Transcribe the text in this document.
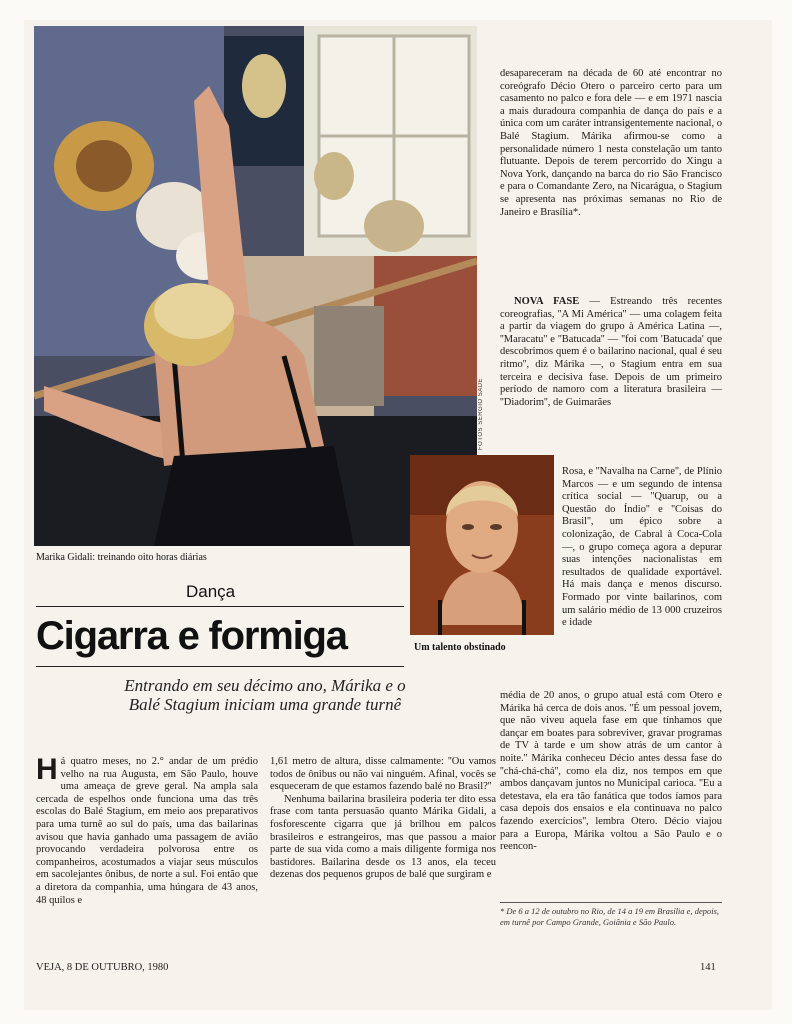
FOTOS SERGIO SADE
Marika Gidali: treinando oito horas diárias
Um talento obstinado
Dança
Cigarra e formiga
Entrando em seu décimo ano, Márika e o Balé Stagium iniciam uma grande turnê

Há quatro meses, no 2.° andar de um prédio velho na rua Augusta, em São Paulo, houve uma ameaça de greve geral. Na ampla sala cercada de espelhos onde funciona uma das três escolas do Balé Stagium, em meio aos preparativos para uma turnê ao sul do país, uma das bailarinas avisou que havia ganhado uma passagem de avião provocando verdadeira polvorosa entre os companheiros, acostumados a viajar seus músculos em sacolejantes ônibus, de norte a sul. Foi então que a diretora da companhia, uma húngara de 43 anos, 48 quilos e

1,61 metro de altura, disse calmamente: ''Ou vamos todos de ônibus ou não vai ninguém. Afinal, vocês se esqueceram de que estamos fazendo balé no Brasil?''

Nenhuma bailarina brasileira poderia ter dito essa frase com tanta persuasão quanto Márika Gidali, a fosforescente cigarra que já brilhou em palcos brasileiros e estrangeiros, mas que passou a maior parte de sua vida como a mais diligente formiga nos bastidores. Bailarina desde os 13 anos, ela teceu dezenas dos pequenos grupos de balé que surgiram e

desapareceram na década de 60 até encontrar no coreógrafo Décio Otero o parceiro certo para um casamento no palco e fora dele — e em 1971 nascia a mais duradoura companhia de dança do país e a única com um caráter intransigentemente nacional, o Balé Stagium. Márika afirmou-se como a personalidade número 1 nesta constelação um tanto flutuante. Depois de terem percorrido do Xingu a Nova York, dançando na barca do rio São Francisco e para o Comandante Zero, na Nicarágua, o Stagium se apresenta nas próximas semanas no Rio de Janeiro e Brasília*.

NOVA FASE — Estreando três recentes coreografias, ''A Mi América'' — uma colagem feita a partir da viagem do grupo à América Latina —, ''Maracatu'' e ''Batucada'' — ''foi com 'Batucada' que descobrimos quem é o bailarino nacional, qual é seu ritmo'', diz Márika —, o Stagium entra em sua terceira e decisiva fase. Depois de um primeiro período de namoro com a literatura brasileira — ''Diadorim'', de Guimarães

Rosa, e ''Navalha na Carne'', de Plínio Marcos — e um segundo de intensa crítica social — ''Quarup, ou a Questão do Índio'' e ''Coisas do Brasil'', um épico sobre a colonização, de Cabral à Coca-Cola —, o grupo começa agora a depurar suas intenções nacionalistas em resultados de qualidade exportável. Há mais dança e menos discurso. Formado por vinte bailarinos, com um salário médio de 13 000 cruzeiros e idade

média de 20 anos, o grupo atual está com Otero e Márika há cerca de dois anos. ''É um pessoal jovem, que não viveu aquela fase em que tínhamos que dançar em boates para sobreviver, gravar programas de TV à tarde e um show atrás de um cantor à noite.'' Márika conheceu Décio antes dessa fase do ''chá-chá-chá'', como ela diz, nos tempos em que ambos dançavam juntos no Municipal carioca. ''Eu a detestava, ela era tão fanática que todos íamos para casa depois dos ensaios e ela continuava no palco fazendo exercícios'', lembra Otero. Décio viajou para a Europa, Márika voltou a São Paulo e o reencon-

* De 6 a 12 de outubro no Rio, de 14 a 19 em Brasília e, depois, em turnê por Campo Grande, Goiânia e São Paulo.
VEJA, 8 DE OUTUBRO, 1980	141
